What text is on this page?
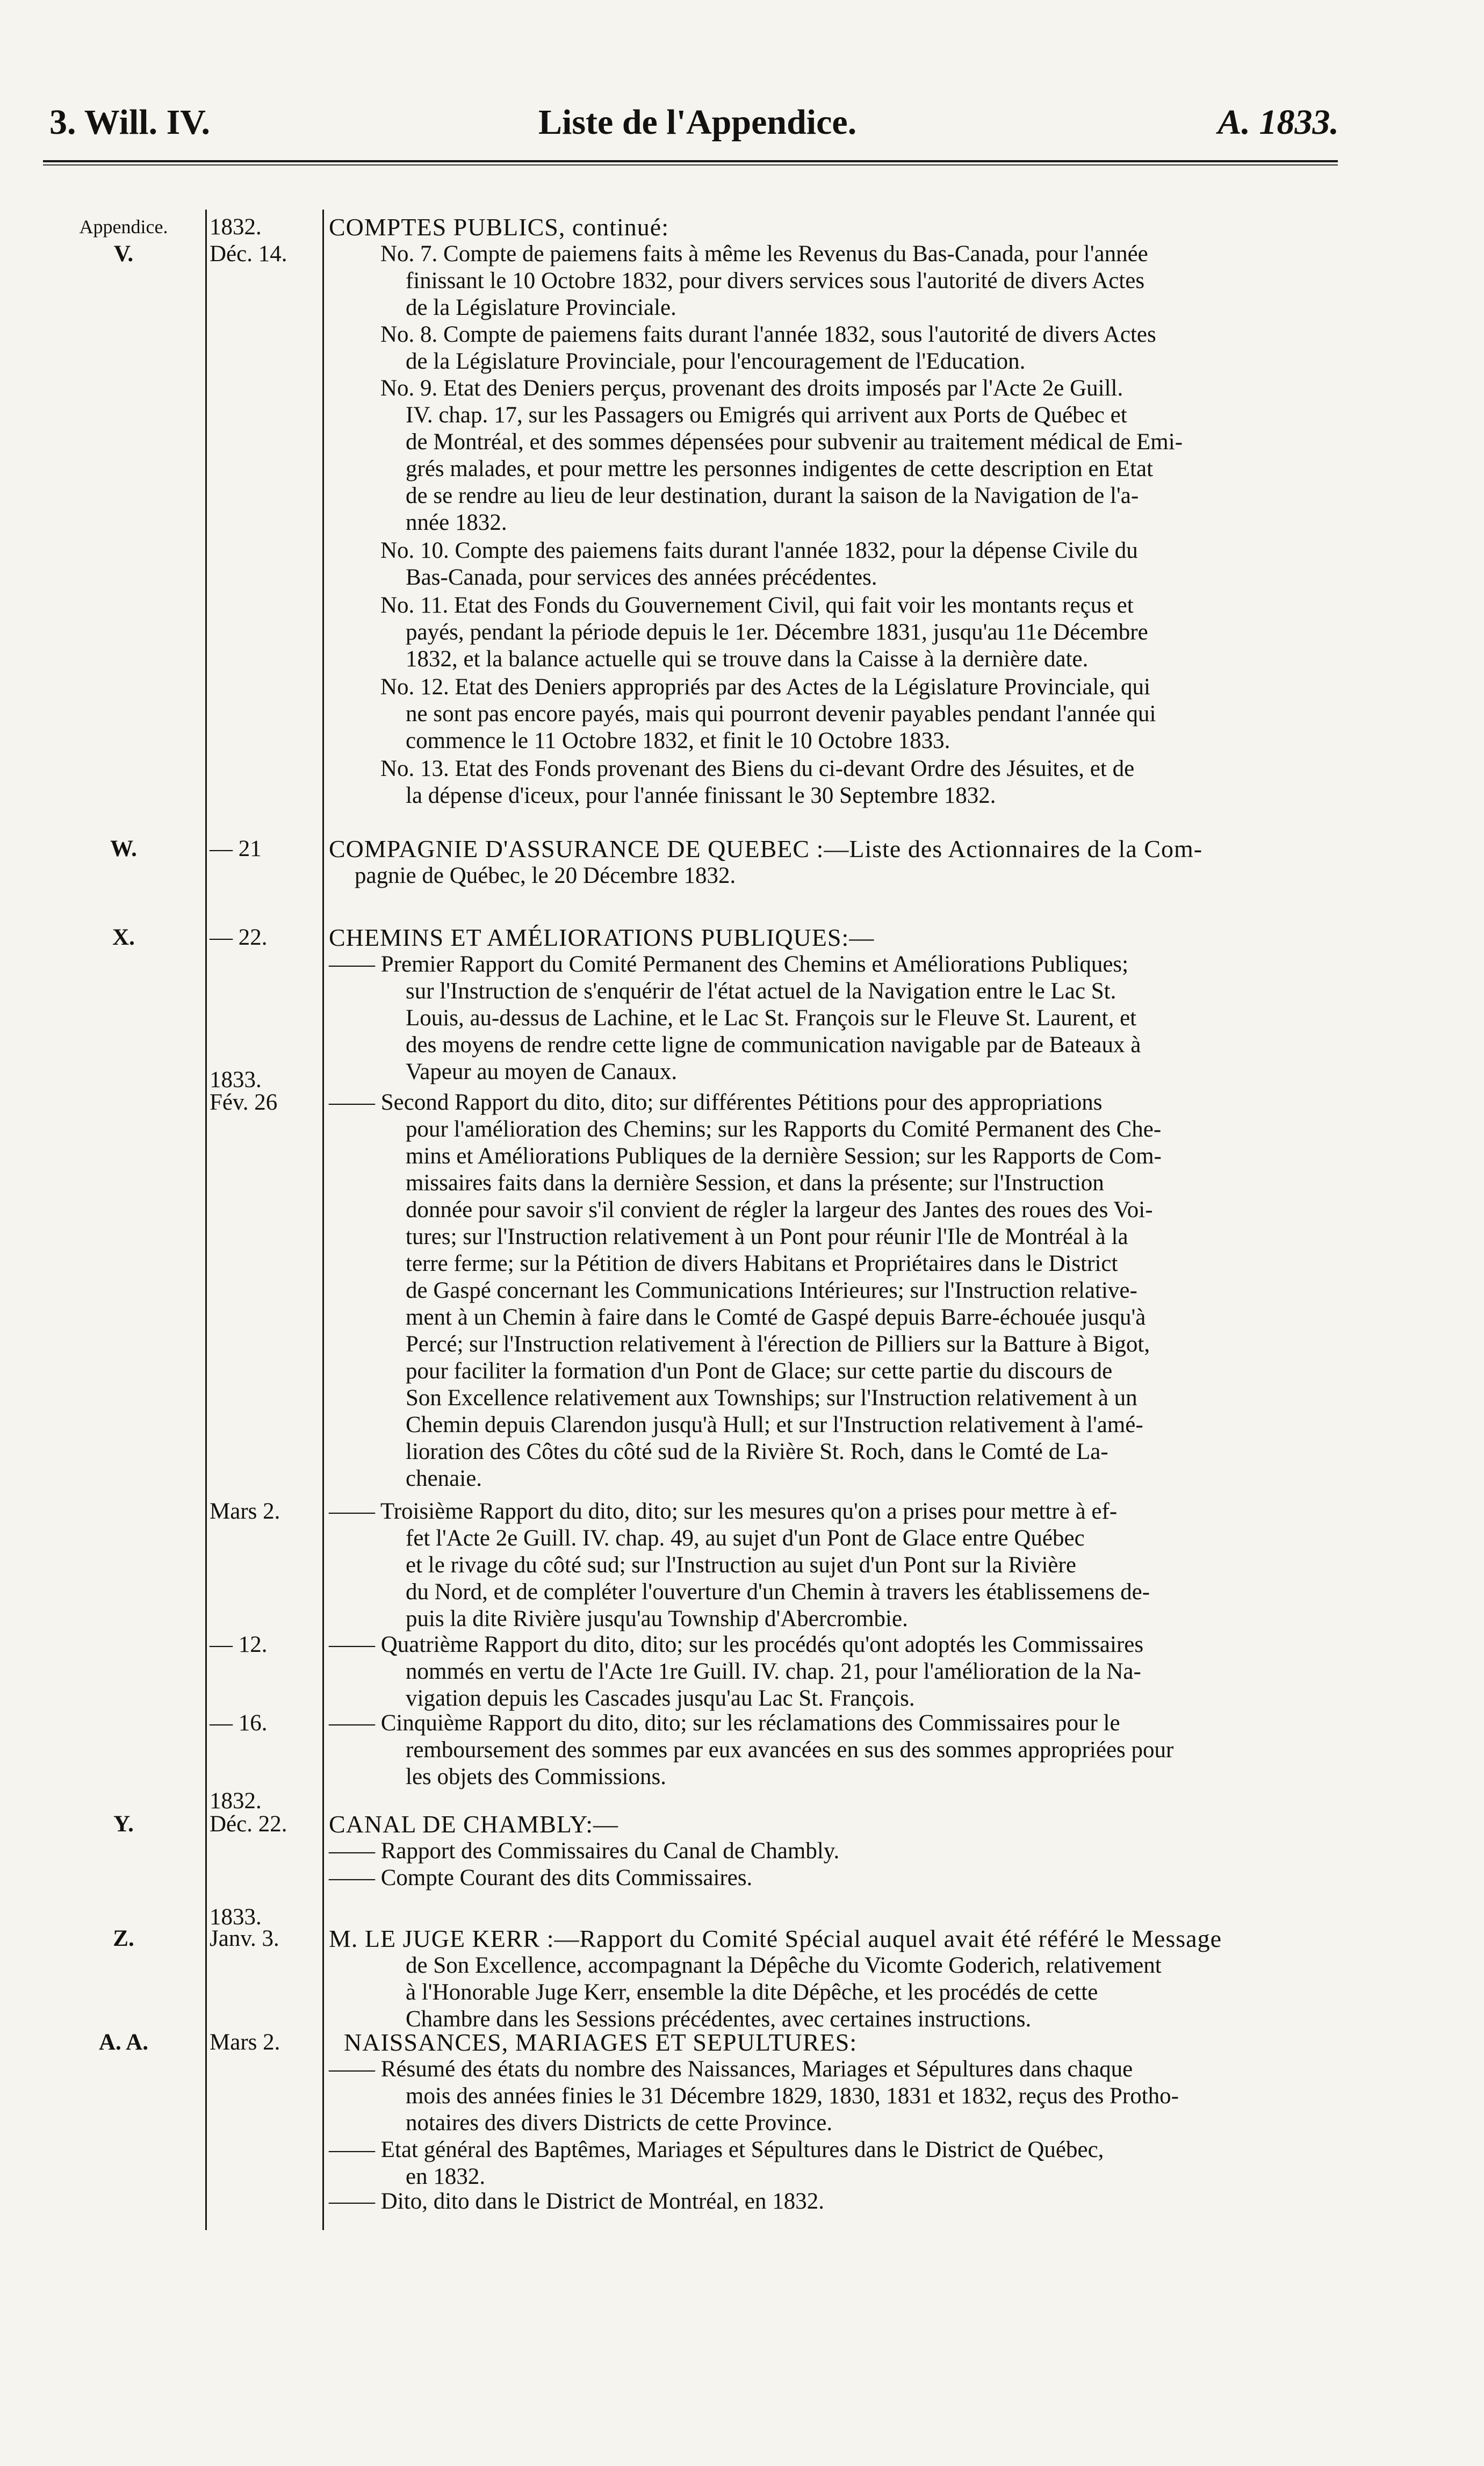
3. Will. IV.	Liste de l'Appendice.	A. 1833.
Appendice.
V.
W.
X.
Y.
Z.
A. A.
1832.
Déc. 14.
— 21
— 22.
1833.
Fév. 26
Mars 2.
— 12.
— 16.
1832.
Déc. 22.
1833.
Janv. 3.
Mars 2.
COMPTES PUBLICS, continué:
No. 7. Compte de paiemens faits à même les Revenus du Bas-Canada, pour l'année
finissant le 10 Octobre 1832, pour divers services sous l'autorité de divers Actes
de la Législature Provinciale.
No. 8. Compte de paiemens faits durant l'année 1832, sous l'autorité de divers Actes
de la Législature Provinciale, pour l'encouragement de l'Education.
No. 9. Etat des Deniers perçus, provenant des droits imposés par l'Acte 2e Guill.
IV. chap. 17, sur les Passagers ou Emigrés qui arrivent aux Ports de Québec et
de Montréal, et des sommes dépensées pour subvenir au traitement médical de Emi-
grés malades, et pour mettre les personnes indigentes de cette description en Etat
de se rendre au lieu de leur destination, durant la saison de la Navigation de l'a-
nnée 1832.
No. 10. Compte des paiemens faits durant l'année 1832, pour la dépense Civile du
Bas-Canada, pour services des années précédentes.
No. 11. Etat des Fonds du Gouvernement Civil, qui fait voir les montants reçus et
payés, pendant la période depuis le 1er. Décembre 1831, jusqu'au 11e Décembre
1832, et la balance actuelle qui se trouve dans la Caisse à la dernière date.
No. 12. Etat des Deniers appropriés par des Actes de la Législature Provinciale, qui
ne sont pas encore payés, mais qui pourront devenir payables pendant l'année qui
commence le 11 Octobre 1832, et finit le 10 Octobre 1833.
No. 13. Etat des Fonds provenant des Biens du ci-devant Ordre des Jésuites, et de
la dépense d'iceux, pour l'année finissant le 30 Septembre 1832.
COMPAGNIE D'ASSURANCE DE QUEBEC :—Liste des Actionnaires de la Com-
pagnie de Québec, le 20 Décembre 1832.
CHEMINS ET AMÉLIORATIONS PUBLIQUES:—
—— Premier Rapport du Comité Permanent des Chemins et Améliorations Publiques;
sur l'Instruction de s'enquérir de l'état actuel de la Navigation entre le Lac St.
Louis, au-dessus de Lachine, et le Lac St. François sur le Fleuve St. Laurent, et
des moyens de rendre cette ligne de communication navigable par de Bateaux à
Vapeur au moyen de Canaux.
—— Second Rapport du dito, dito; sur différentes Pétitions pour des appropriations
pour l'amélioration des Chemins; sur les Rapports du Comité Permanent des Che-
mins et Améliorations Publiques de la dernière Session; sur les Rapports de Com-
missaires faits dans la dernière Session, et dans la présente; sur l'Instruction
donnée pour savoir s'il convient de régler la largeur des Jantes des roues des Voi-
tures; sur l'Instruction relativement à un Pont pour réunir l'Ile de Montréal à la
terre ferme; sur la Pétition de divers Habitans et Propriétaires dans le District
de Gaspé concernant les Communications Intérieures; sur l'Instruction relative-
ment à un Chemin à faire dans le Comté de Gaspé depuis Barre-échouée jusqu'à
Percé; sur l'Instruction relativement à l'érection de Pilliers sur la Batture à Bigot,
pour faciliter la formation d'un Pont de Glace; sur cette partie du discours de
Son Excellence relativement aux Townships; sur l'Instruction relativement à un
Chemin depuis Clarendon jusqu'à Hull; et sur l'Instruction relativement à l'amé-
lioration des Côtes du côté sud de la Rivière St. Roch, dans le Comté de La-
chenaie.
—— Troisième Rapport du dito, dito; sur les mesures qu'on a prises pour mettre à ef-
fet l'Acte 2e Guill. IV. chap. 49, au sujet d'un Pont de Glace entre Québec
et le rivage du côté sud; sur l'Instruction au sujet d'un Pont sur la Rivière
du Nord, et de compléter l'ouverture d'un Chemin à travers les établissemens de-
puis la dite Rivière jusqu'au Township d'Abercrombie.
—— Quatrième Rapport du dito, dito; sur les procédés qu'ont adoptés les Commissaires
nommés en vertu de l'Acte 1re Guill. IV. chap. 21, pour l'amélioration de la Na-
vigation depuis les Cascades jusqu'au Lac St. François.
—— Cinquième Rapport du dito, dito; sur les réclamations des Commissaires pour le
remboursement des sommes par eux avancées en sus des sommes appropriées pour
les objets des Commissions.
CANAL DE CHAMBLY:—
—— Rapport des Commissaires du Canal de Chambly.
—— Compte Courant des dits Commissaires.
M. LE JUGE KERR :—Rapport du Comité Spécial auquel avait été référé le Message
de Son Excellence, accompagnant la Dépêche du Vicomte Goderich, relativement
à l'Honorable Juge Kerr, ensemble la dite Dépêche, et les procédés de cette
Chambre dans les Sessions précédentes, avec certaines instructions.
NAISSANCES, MARIAGES ET SEPULTURES:
—— Résumé des états du nombre des Naissances, Mariages et Sépultures dans chaque
mois des années finies le 31 Décembre 1829, 1830, 1831 et 1832, reçus des Protho-
notaires des divers Districts de cette Province.
—— Etat général des Baptêmes, Mariages et Sépultures dans le District de Québec,
en 1832.
—— Dito, dito dans le District de Montréal, en 1832.
